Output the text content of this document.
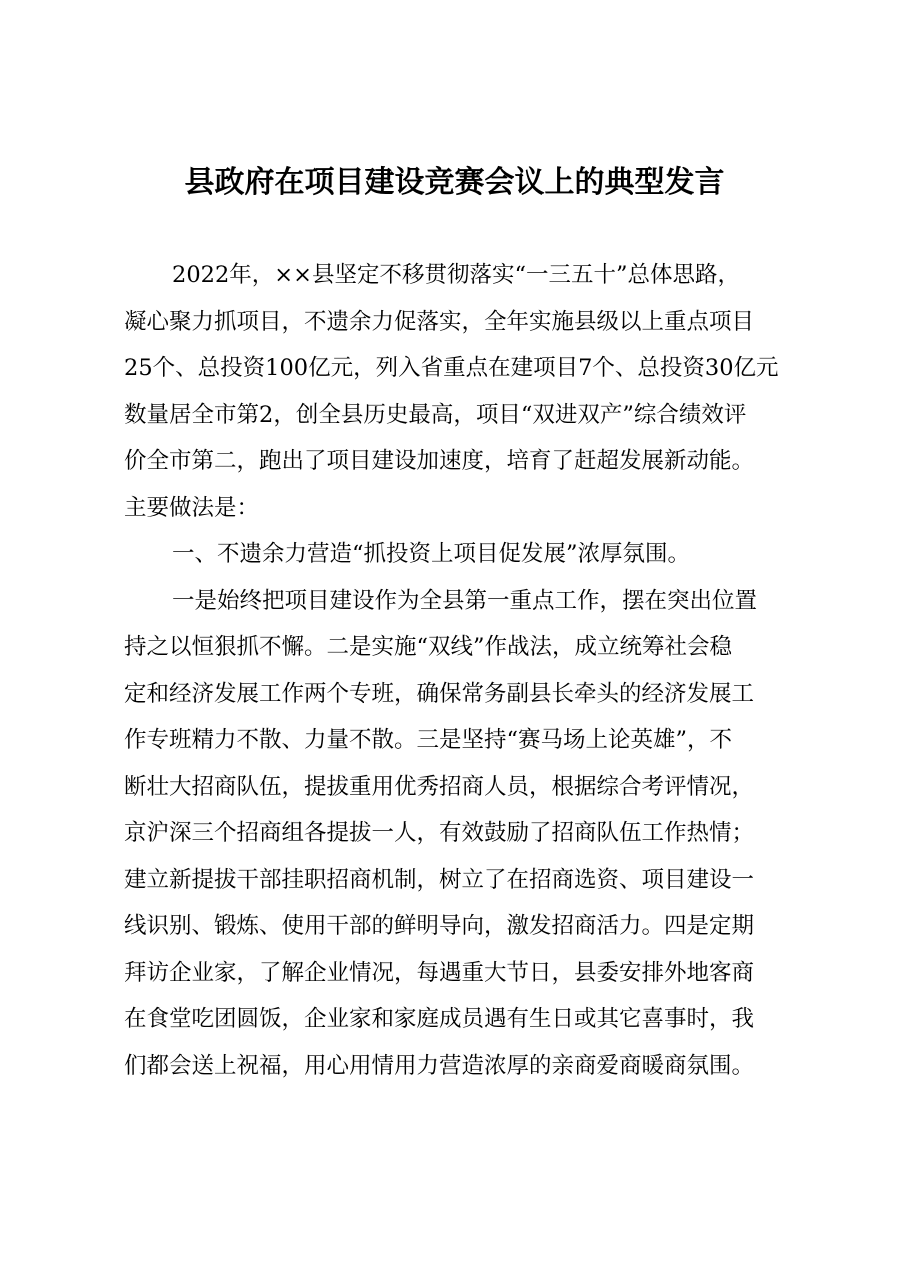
县政府在项目建设竞赛会议上的典型发言

2022年，××县坚定不移贯彻落实“一三五十”总体思路，
凝心聚力抓项目，不遗余力促落实，全年实施县级以上重点项目
25个、总投资100亿元，列入省重点在建项目7个、总投资30亿元
数量居全市第2，创全县历史最高，项目“双进双产”综合绩效评
价全市第二，跑出了项目建设加速度，培育了赶超发展新动能。
主要做法是：

一、不遗余力营造“抓投资上项目促发展”浓厚氛围。

一是始终把项目建设作为全县第一重点工作，摆在突出位置
持之以恒狠抓不懈。二是实施“双线”作战法，成立统筹社会稳
定和经济发展工作两个专班，确保常务副县长牵头的经济发展工
作专班精力不散、力量不散。三是坚持“赛马场上论英雄”，不
断壮大招商队伍，提拔重用优秀招商人员，根据综合考评情况，
京沪深三个招商组各提拔一人，有效鼓励了招商队伍工作热情；
建立新提拔干部挂职招商机制，树立了在招商选资、项目建设一
线识别、锻炼、使用干部的鲜明导向，激发招商活力。四是定期
拜访企业家，了解企业情况，每遇重大节日，县委安排外地客商
在食堂吃团圆饭，企业家和家庭成员遇有生日或其它喜事时，我
们都会送上祝福，用心用情用力营造浓厚的亲商爱商暖商氛围。
